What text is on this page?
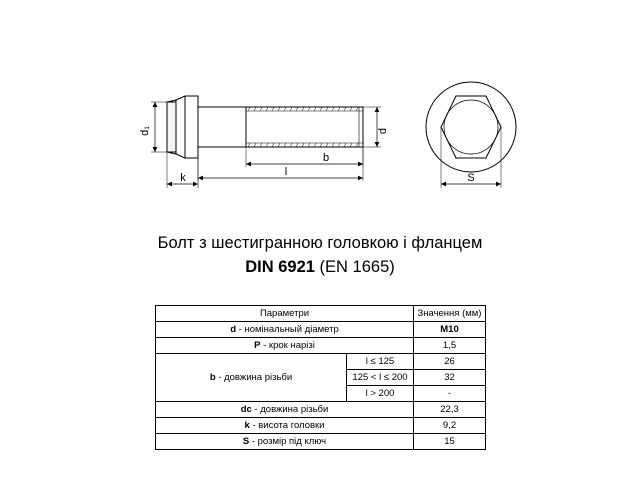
d₁	d
b
l
k	S
Болт з шестигранною головкою і фланцем
DIN 6921 (EN 1665)
Параметри		Значення (мм)
d - номінальный діаметр		M10
P - крок нарізі		1,5
b - довжина різьби	l ≤ 125	26
	125 < l ≤ 200	32
	l > 200	-
dc - довжина різьби		22,3
k - висота головки		9,2
S - розмір під ключ		15
